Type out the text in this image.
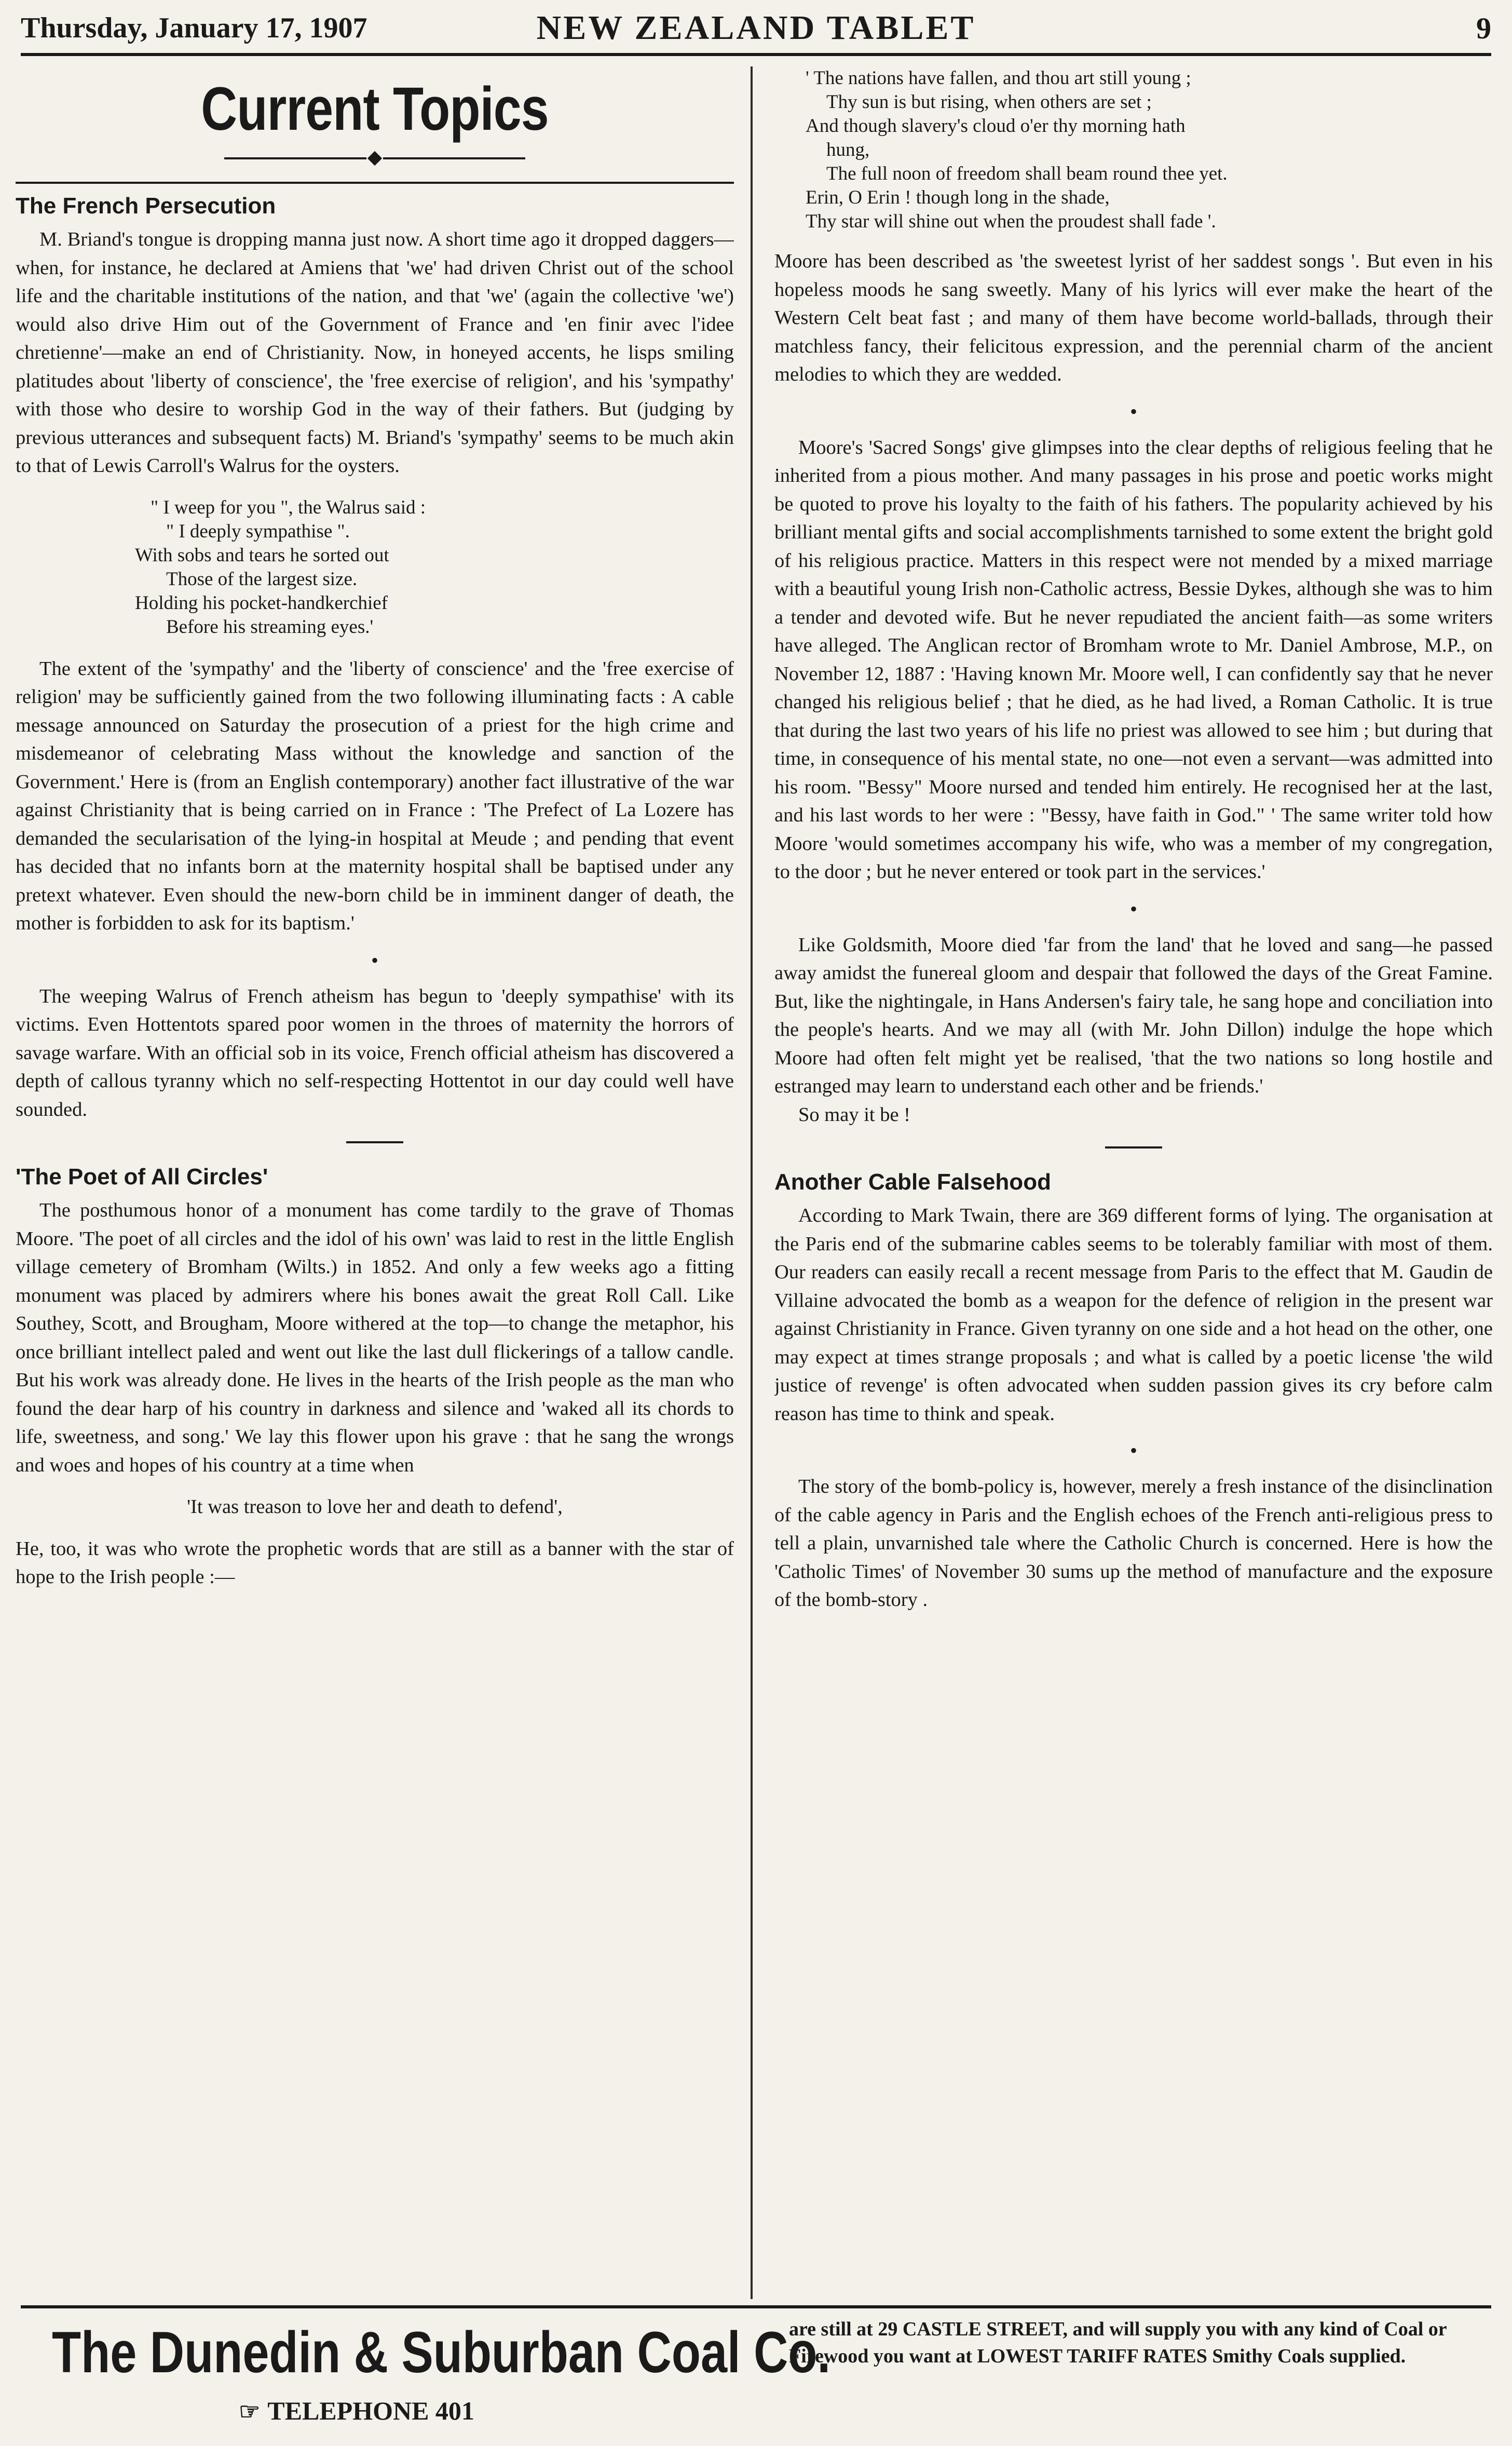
Thursday, January 17, 1907	NEW ZEALAND TABLET	9
Current Topics
The French Persecution

M. Briand's tongue is dropping manna just now. A short time ago it dropped daggers—when, for instance, he declared at Amiens that 'we' had driven Christ out of the school life and the charitable institutions of the nation, and that 'we' (again the collective 'we') would also drive Him out of the Government of France and 'en finir avec l'idee chretienne'—make an end of Christianity. Now, in honeyed accents, he lisps smiling platitudes about 'liberty of conscience', the 'free exercise of religion', and his 'sympathy' with those who desire to worship God in the way of their fathers. But (judging by previous utterances and subsequent facts) M. Briand's 'sympathy' seems to be much akin to that of Lewis Carroll's Walrus for the oysters.

" I weep for you ", the Walrus said :
" I deeply sympathise ".
With sobs and tears he sorted out
Those of the largest size.
Holding his pocket-handkerchief
Before his streaming eyes.'

The extent of the 'sympathy' and the 'liberty of conscience' and the 'free exercise of religion' may be sufficiently gained from the two following illuminating facts : A cable message announced on Saturday the prosecution of a priest for the high crime and misdemeanor of celebrating Mass without the knowledge and sanction of the Government.' Here is (from an English contemporary) another fact illustrative of the war against Christianity that is being carried on in France : 'The Prefect of La Lozere has demanded the secularisation of the lying-in hospital at Meude ; and pending that event has decided that no infants born at the maternity hospital shall be baptised under any pretext whatever. Even should the new-born child be in imminent danger of death, the mother is forbidden to ask for its baptism.'

•

The weeping Walrus of French atheism has begun to 'deeply sympathise' with its victims. Even Hottentots spared poor women in the throes of maternity the horrors of savage warfare. With an official sob in its voice, French official atheism has discovered a depth of callous tyranny which no self-respecting Hottentot in our day could well have sounded.

'The Poet of All Circles'

The posthumous honor of a monument has come tardily to the grave of Thomas Moore. 'The poet of all circles and the idol of his own' was laid to rest in the little English village cemetery of Bromham (Wilts.) in 1852. And only a few weeks ago a fitting monument was placed by admirers where his bones await the great Roll Call. Like Southey, Scott, and Brougham, Moore withered at the top—to change the metaphor, his once brilliant intellect paled and went out like the last dull flickerings of a tallow candle. But his work was already done. He lives in the hearts of the Irish people as the man who found the dear harp of his country in darkness and silence and 'waked all its chords to life, sweetness, and song.' We lay this flower upon his grave : that he sang the wrongs and woes and hopes of his country at a time when

'It was treason to love her and death to defend',

He, too, it was who wrote the prophetic words that are still as a banner with the star of hope to the Irish people :—

' The nations have fallen, and thou art still young ;
Thy sun is but rising, when others are set ;
And though slavery's cloud o'er thy morning hath
hung,
The full noon of freedom shall beam round thee yet.
Erin, O Erin ! though long in the shade,
Thy star will shine out when the proudest shall fade '.

Moore has been described as 'the sweetest lyrist of her saddest songs '. But even in his hopeless moods he sang sweetly. Many of his lyrics will ever make the heart of the Western Celt beat fast ; and many of them have become world-ballads, through their matchless fancy, their felicitous expression, and the perennial charm of the ancient melodies to which they are wedded.

•

Moore's 'Sacred Songs' give glimpses into the clear depths of religious feeling that he inherited from a pious mother. And many passages in his prose and poetic works might be quoted to prove his loyalty to the faith of his fathers. The popularity achieved by his brilliant mental gifts and social accomplishments tarnished to some extent the bright gold of his religious practice. Matters in this respect were not mended by a mixed marriage with a beautiful young Irish non-Catholic actress, Bessie Dykes, although she was to him a tender and devoted wife. But he never repudiated the ancient faith—as some writers have alleged. The Anglican rector of Bromham wrote to Mr. Daniel Ambrose, M.P., on November 12, 1887 : 'Having known Mr. Moore well, I can confidently say that he never changed his religious belief ; that he died, as he had lived, a Roman Catholic. It is true that during the last two years of his life no priest was allowed to see him ; but during that time, in consequence of his mental state, no one—not even a servant—was admitted into his room. "Bessy" Moore nursed and tended him entirely. He recognised her at the last, and his last words to her were : "Bessy, have faith in God." ' The same writer told how Moore 'would sometimes accompany his wife, who was a member of my congregation, to the door ; but he never entered or took part in the services.'

•

Like Goldsmith, Moore died 'far from the land' that he loved and sang—he passed away amidst the funereal gloom and despair that followed the days of the Great Famine. But, like the nightingale, in Hans Andersen's fairy tale, he sang hope and conciliation into the people's hearts. And we may all (with Mr. John Dillon) indulge the hope which Moore had often felt might yet be realised, 'that the two nations so long hostile and estranged may learn to understand each other and be friends.'

So may it be !

Another Cable Falsehood

According to Mark Twain, there are 369 different forms of lying. The organisation at the Paris end of the submarine cables seems to be tolerably familiar with most of them. Our readers can easily recall a recent message from Paris to the effect that M. Gaudin de Villaine advocated the bomb as a weapon for the defence of religion in the present war against Christianity in France. Given tyranny on one side and a hot head on the other, one may expect at times strange proposals ; and what is called by a poetic license 'the wild justice of revenge' is often advocated when sudden passion gives its cry before calm reason has time to think and speak.

•

The story of the bomb-policy is, however, merely a fresh instance of the disinclination of the cable agency in Paris and the English echoes of the French anti-religious press to tell a plain, unvarnished tale where the Catholic Church is concerned. Here is how the 'Catholic Times' of November 30 sums up the method of manufacture and the exposure of the bomb-story .

The Dunedin & Suburban Coal Co.
☞ TELEPHONE 401
are still at 29 CASTLE STREET, and will supply you with any kind of Coal or Firewood you want at LOWEST TARIFF RATES Smithy Coals supplied.
